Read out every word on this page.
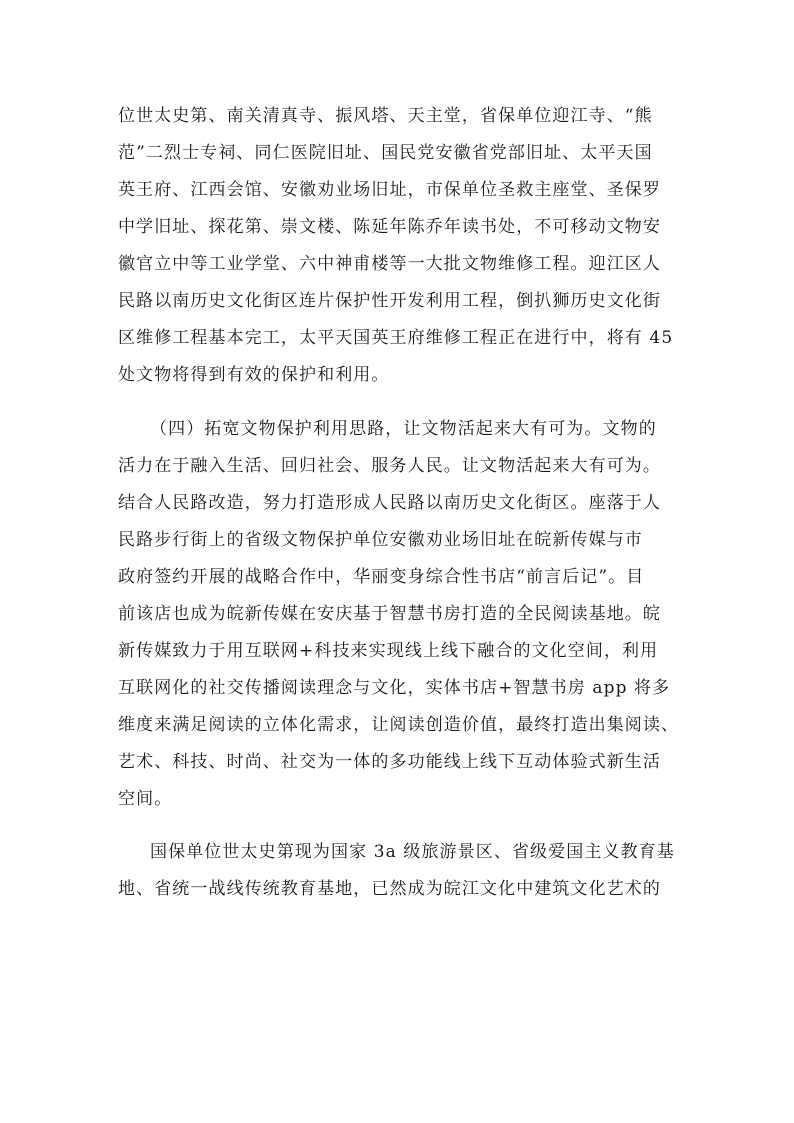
位世太史第、南关清真寺、振风塔、天主堂，省保单位迎江寺、“熊
范”二烈士专祠、同仁医院旧址、国民党安徽省党部旧址、太平天国
英王府、江西会馆、安徽劝业场旧址，市保单位圣救主座堂、圣保罗
中学旧址、探花第、崇文楼、陈延年陈乔年读书处，不可移动文物安
徽官立中等工业学堂、六中神甫楼等一大批文物维修工程。迎江区人
民路以南历史文化街区连片保护性开发利用工程，倒扒狮历史文化街
区维修工程基本完工，太平天国英王府维修工程正在进行中，将有 45
处文物将得到有效的保护和利用。
（四）拓宽文物保护利用思路，让文物活起来大有可为。文物的
活力在于融入生活、回归社会、服务人民。让文物活起来大有可为。
结合人民路改造，努力打造形成人民路以南历史文化街区。座落于人
民路步行街上的省级文物保护单位安徽劝业场旧址在皖新传媒与市
政府签约开展的战略合作中，华丽变身综合性书店“前言后记”。目
前该店也成为皖新传媒在安庆基于智慧书房打造的全民阅读基地。皖
新传媒致力于用互联网+科技来实现线上线下融合的文化空间，利用
互联网化的社交传播阅读理念与文化，实体书店+智慧书房 app 将多
维度来满足阅读的立体化需求，让阅读创造价值，最终打造出集阅读、
艺术、科技、时尚、社交为一体的多功能线上线下互动体验式新生活
空间。
国保单位世太史第现为国家 3a 级旅游景区、省级爱国主义教育基
地、省统一战线传统教育基地，已然成为皖江文化中建筑文化艺术的
